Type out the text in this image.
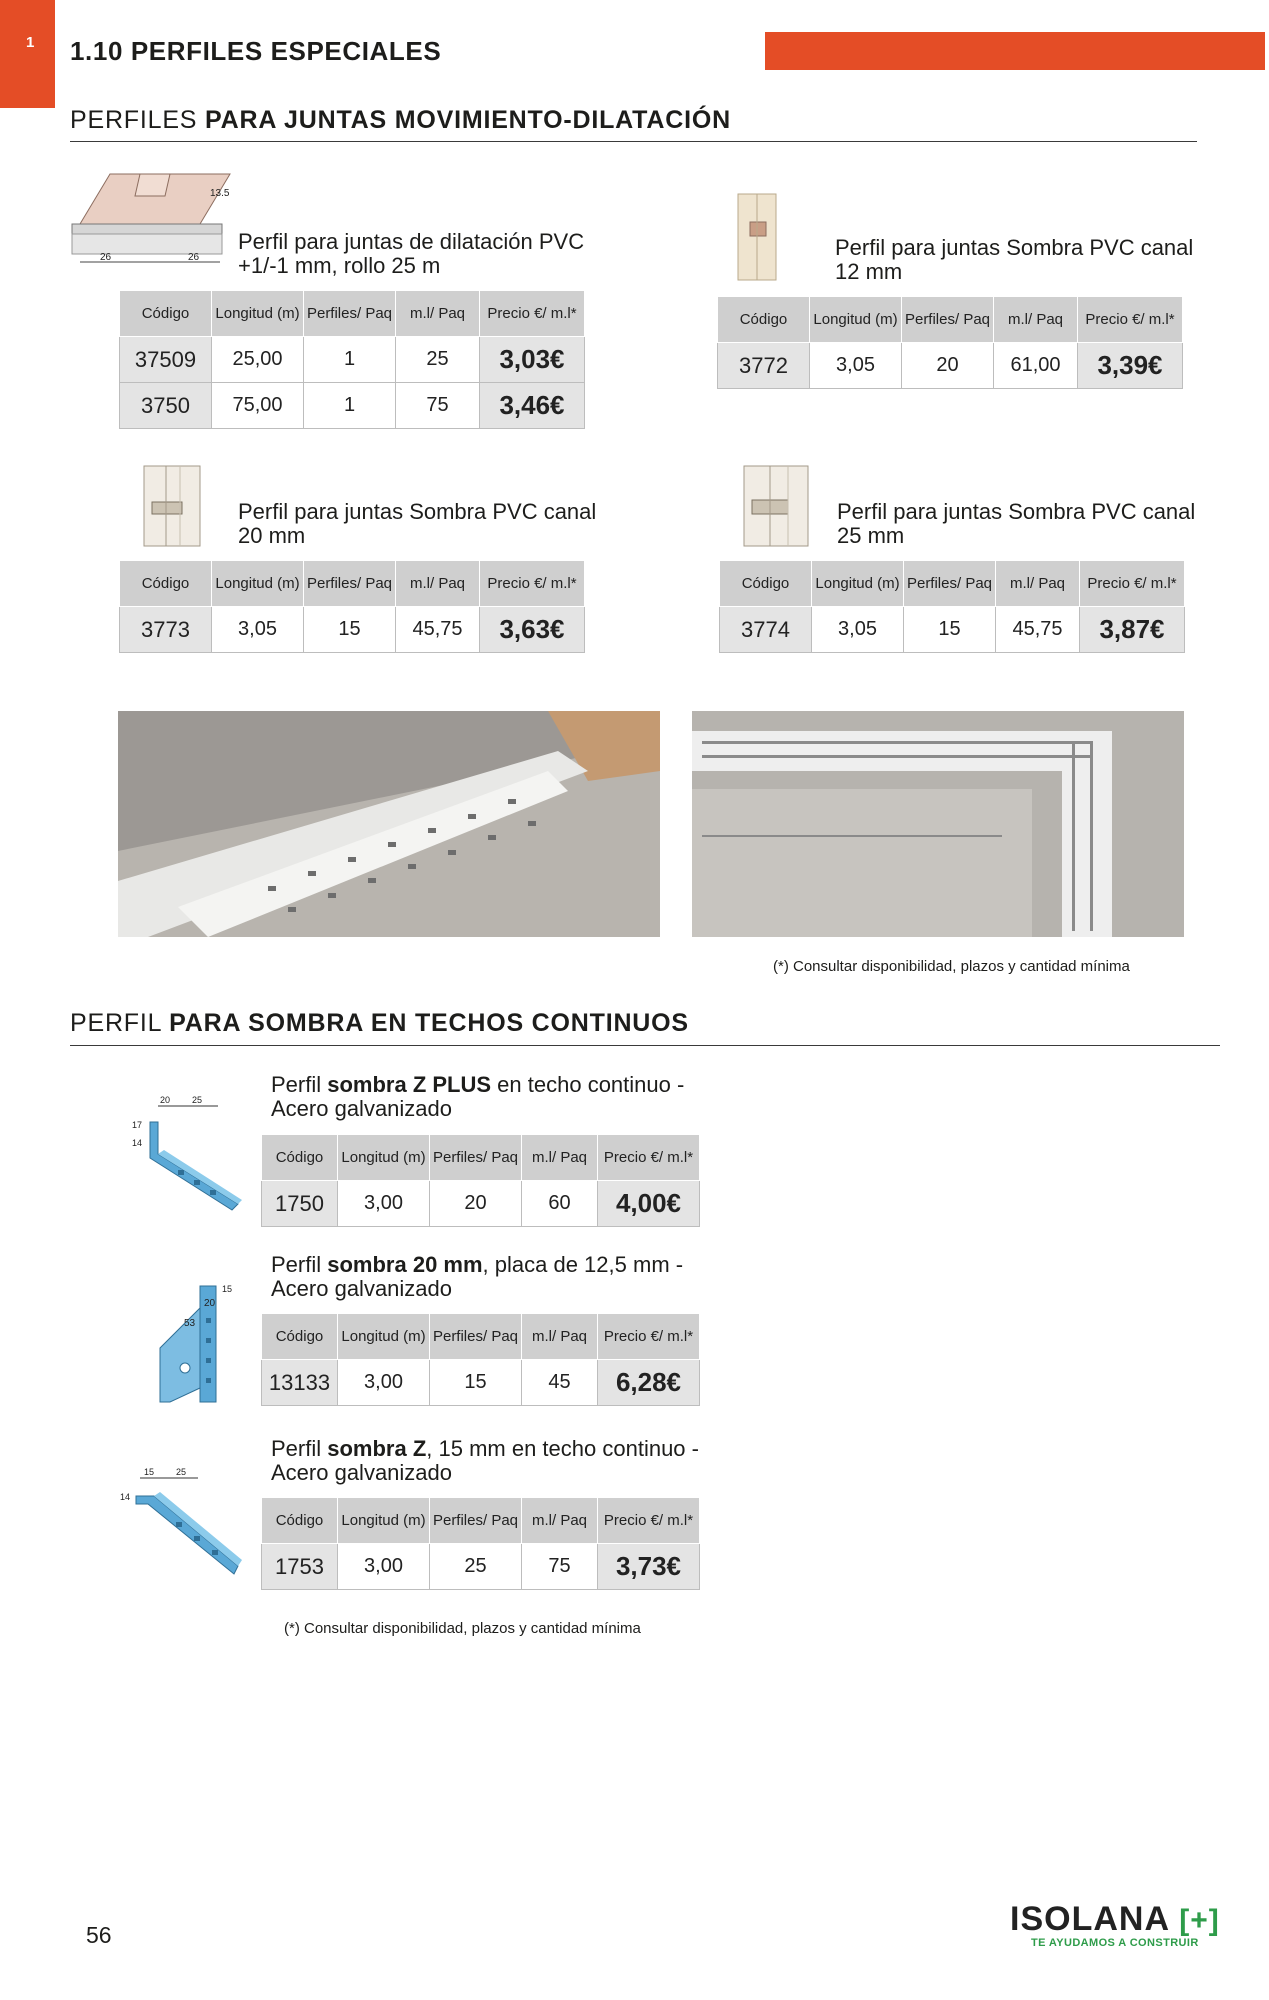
1	1.10 PERFILES ESPECIALES
PERFILES PARA JUNTAS MOVIMIENTO-DILATACIÓN
26	26
13.5
Perfil para juntas de dilatación PVC +1/-1 mm, rollo 25 m
Código	Longitud (m)	Perfiles/ Paq	m.l/ Paq	Precio €/ m.l*
37509	25,00	1	25	3,03€
3750	75,00	1	75	3,46€
Perfil para juntas Sombra PVC canal 12 mm
Código	Longitud (m)	Perfiles/ Paq	m.l/ Paq	Precio €/ m.l*
3772	3,05	20	61,00	3,39€
Perfil para juntas Sombra PVC canal 20 mm
Código	Longitud (m)	Perfiles/ Paq	m.l/ Paq	Precio €/ m.l*
3773	3,05	15	45,75	3,63€
Perfil para juntas Sombra PVC canal 25 mm
Código	Longitud (m)	Perfiles/ Paq	m.l/ Paq	Precio €/ m.l*
3774	3,05	15	45,75	3,87€
(*) Consultar disponibilidad, plazos y cantidad mínima
PERFIL PARA SOMBRA EN TECHOS CONTINUOS
20 25
17
14
Perfil sombra Z PLUS en techo continuo - Acero galvanizado
Código	Longitud (m)	Perfiles/ Paq	m.l/ Paq	Precio €/ m.l*
1750	3,00	20	60	4,00€
53
20
15
Perfil sombra 20 mm, placa de 12,5 mm - Acero galvanizado
Código	Longitud (m)	Perfiles/ Paq	m.l/ Paq	Precio €/ m.l*
13133	3,00	15	45	6,28€
15 25
14
Perfil sombra Z, 15 mm en techo continuo - Acero galvanizado
Código	Longitud (m)	Perfiles/ Paq	m.l/ Paq	Precio €/ m.l*
1753	3,00	25	75	3,73€
(*) Consultar disponibilidad, plazos y cantidad mínima
56	ISOLANA [+]
TE AYUDAMOS A CONSTRUIR
